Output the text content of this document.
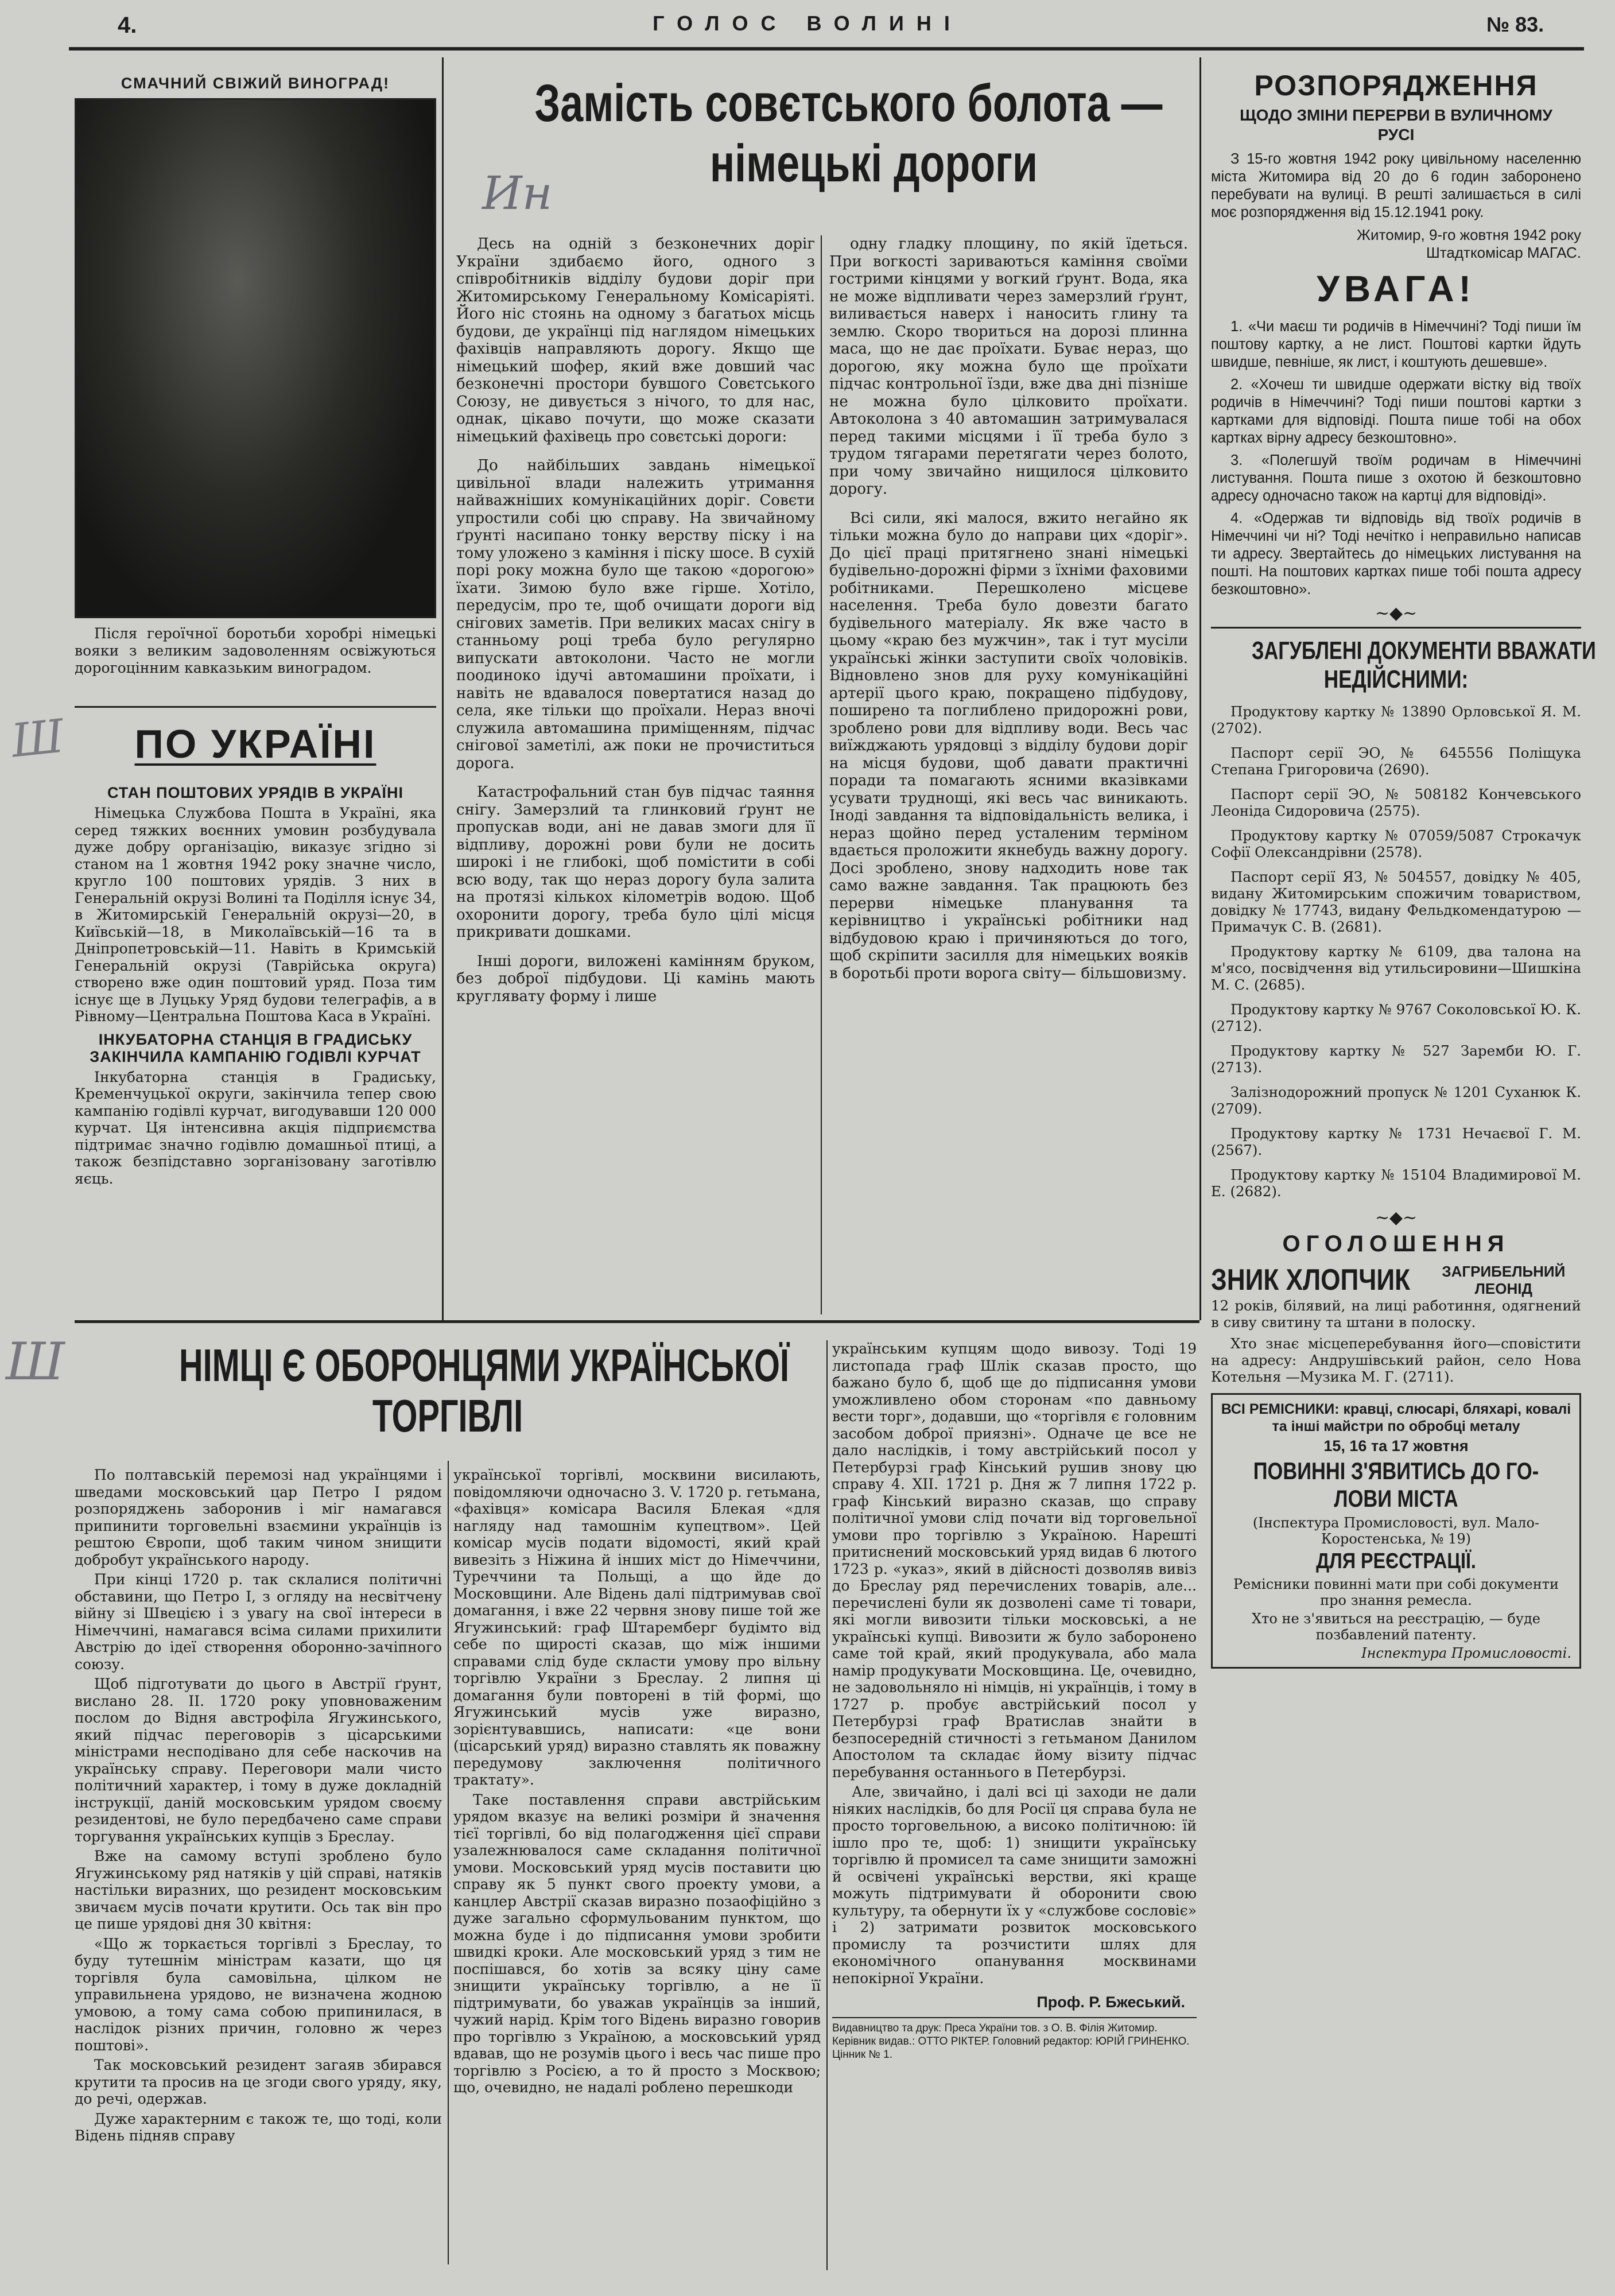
4.	ГОЛОС ВОЛИНІ	№ 83.
Ш
Ш
СМАЧНИЙ СВІЖИЙ ВИНОГРАД!
Після героїчної боротьби хоробрі німецькі вояки з великим задоволенням освіжуються дорогоцінним кавказьким виноградом.
ПО УКРАЇНІ
СТАН ПОШТОВИХ УРЯДІВ В УКРАЇНІ

Німецька Службова Пошта в Україні, яка серед тяжких воєнних умовин розбудувала дуже добру організацію, виказує згідно зі станом на 1 жовтня 1942 року значне число, кругло 100 поштових урядів. З них в Генеральній окрузі Волині та Поділля існує 34, в Житомирській Генеральній окрузі—20, в Київській—18, в Миколаївській—16 та в Дніпропетровській—11. Навіть в Кримській Генеральній окрузі (Таврійська округа) створено вже один поштовий уряд. Поза тим існує ще в Луцьку Уряд будови телеграфів, а в Рівному—Центральна Поштова Каса в Україні.

ІНКУБАТОРНА СТАНЦІЯ В ГРАДИСЬКУ ЗАКІНЧИЛА КАМПАНІЮ ГОДІВЛІ КУРЧАТ

Інкубаторна станція в Градиську, Кременчуцької округи, закінчила тепер свою кампанію годівлі курчат, вигодувавши 120 000 курчат. Ця інтенсивна акція підприємства підтримає значно годівлю домашньої птиці, а також безпідставно зорганізовану заготівлю яєць.

Замість совєтського болота —
німецькі дороги
Ин

Десь на одній з безконечних доріг України здибаємо його, одного з співробітників відділу будови доріг при Житомирському Генеральному Комісаріяті. Його ніс стоянь на одному з багатьох місць будови, де українці під наглядом німецьких фахівців направляють дорогу. Якщо ще німецький шофер, який вже довший час безконечні простори бувшого Совєтського Союзу, не дивується з нічого, то для нас, однак, цікаво почути, що може сказати німецький фахівець про совєтські дороги:

До найбільших завдань німецької цивільної влади належить утримання найважніших комунікаційних доріг. Совєти упростили собі цю справу. На звичайному ґрунті насипано тонку верству піску і на тому уложено з каміння і піску шосе. В сухій порі року можна було ще такою «дорогою» їхати. Зимою було вже гірше. Хотіло, передусім, про те, щоб очищати дороги від снігових заметів. При великих масах снігу в станньому році треба було регулярно випускати автоколони. Часто не могли поодиноко ідучі автомашини проїхати, і навіть не вдавалося повертатися назад до села, яке тільки що проїхали. Нераз вночі служила автомашина приміщенням, підчас снігової заметілі, аж поки не прочиститься дорога.

Катастрофальний стан був підчас таяння снігу. Замерзлий та глинковий ґрунт не пропускав води, ані не давав змоги для її відпливу, дорожні рови були не досить широкі і не глибокі, щоб помістити в собі всю воду, так що нераз дорогу була залита на протязі кількох кілометрів водою. Щоб охоронити дорогу, треба було цілі місця прикривати дошками.

Інші дороги, виложені камінням бруком, без доброї підбудови. Ці камінь мають круглявату форму і лише

одну гладку площину, по якій їдеться. При вогкості зариваються каміння своїми гострими кінцями у вогкий ґрунт. Вода, яка не може відпливати через замерзлий ґрунт, виливається наверх і наносить глину та землю. Скоро твориться на дорозі плинна маса, що не дає проїхати. Буває нераз, що дорогою, яку можна було ще проїхати підчас контрольної їзди, вже два дні пізніше не можна було цілковито проїхати. Автоколона з 40 автомашин затримувалася перед такими місцями і її треба було з трудом тягарами перетягати через болото, при чому звичайно нищилося цілковито дорогу.

Всі сили, які малося, вжито негайно як тільки можна було до направи цих «доріг». До цієї праці притягнено знані німецькі будівельно-дорожні фірми з їхніми фаховими робітниками. Перешколено місцеве населення. Треба було довезти багато будівельного матеріалу. Як вже часто в цьому «краю без мужчин», так і тут мусіли українські жінки заступити своїх чоловіків. Відновлено знов для руху комунікаційні артерії цього краю, покращено підбудову, поширено та поглиблено придорожні рови, зроблено рови для відпливу води. Весь час виїжджають урядовці з відділу будови доріг на місця будови, щоб давати практичні поради та помагають ясними вказівками усувати труднощі, які весь час виникають. Іноді завдання та відповідальність велика, і нераз щойно перед усталеним терміном вдається проложити якнебудь важну дорогу. Досі зроблено, знову надходить нове так само важне завдання. Так працюють без перерви німецьке планування та керівництво і українські робітники над відбудовою краю і причиняються до того, щоб скріпити засилля для німецьких вояків в боротьбі проти ворога світу— більшовизму.

РОЗПОРЯДЖЕННЯ
ЩОДО ЗМІНИ ПЕРЕРВИ В ВУЛИЧНОМУ РУСІ

З 15-го жовтня 1942 року цивільному населенню міста Житомира від 20 до 6 годин заборонено перебувати на вулиці. В решті залишається в силі моє розпорядження від 15.12.1941 року.

Житомир, 9-го жовтня 1942 року
Штадткомісар МАГАС.
УВАГА!

1. «Чи маєш ти родичів в Німеччині? Тоді пиши їм поштову картку, а не лист. Поштові картки йдуть швидше, певніше, як лист, і коштують дешевше».

2. «Хочеш ти швидше одержати вістку від твоїх родичів в Німеччині? Тоді пиши поштові картки з картками для відповіді. Пошта пише тобі на обох картках вірну адресу безкоштовно».

3. «Полегшуй твоїм родичам в Німеччині листування. Пошта пише з охотою й безкоштовно адресу одночасно також на картці для відповіді».

4. «Одержав ти відповідь від твоїх родичів в Німеччині чи ні? Тоді нечітко і неправильно написав ти адресу. Звертайтесь до німецьких листування на пошті. На поштових картках пише тобі пошта адресу безкоштовно».

~◆~
ЗАГУБЛЕНІ ДОКУМЕНТИ ВВАЖАТИ
НЕДІЙСНИМИ:

Продуктову картку № 13890 Орловської Я. М. (2702).

Паспорт серії ЭО, № 645556 Поліщука Степана Григоровича (2690).

Паспорт серії ЭО, № 508182 Кончевського Леоніда Сидоровича (2575).

Продуктову картку № 07059/5087 Строкачук Софії Олександрівни (2578).

Паспорт серії ЯЗ, № 504557, довідку № 405, видану Житомирським спожичим товариством, довідку № 17743, видану Фельдкомендатурою —Примачук С. В. (2681).

Продуктову картку № 6109, два талона на м'ясо, посвідчення від утильсировини—Шишкіна М. С. (2685).

Продуктову картку № 9767 Соколовської Ю. К. (2712).

Продуктову картку № 527 Заремби Ю. Г. (2713).

Залізнодорожний пропуск № 1201 Суханюк К. (2709).

Продуктову картку № 1731 Нечаєвої Г. М. (2567).

Продуктову картку № 15104 Владимирової М. Е. (2682).

~◆~
ОГОЛОШЕННЯ
ЗНИК ХЛОПЧИК ЗАГРИБЕЛЬНИЙ
ЛЕОНІД

12 років, білявий, на лиці работиння, одягнений в сиву свитину та штани в полоску.

Хто знає місцеперебування його—сповістити на адресу: Андрушівський район, село Нова Котельня —Музика М. Г. (2711).

ВСІ РЕМІСНИКИ: кравці, слюсарі, бляхарі, ковалі та інші майстри по обробці металу
15, 16 та 17 жовтня
ПОВИННІ З'ЯВИТИСЬ ДО ГО-
ЛОВИ МІСТА
(Інспектура Промисловості, вул. Мало-Коростенська, № 19)
ДЛЯ РЕЄСТРАЦІЇ.
Ремісники повинні мати при собі документи про знання ремесла.
Хто не з'явиться на реєстрацію, — буде позбавлений патенту.
Інспектура Промисловості.
НІМЦІ Є ОБОРОНЦЯМИ УКРАЇНСЬКОЇ
ТОРГІВЛІ

По полтавській перемозі над українцями і шведами московський цар Петро І рядом розпоряджень заборонив і міг намагався припинити торговельні взаємини українців із рештою Європи, щоб таким чином знищити добробут українського народу.

При кінці 1720 р. так склалися політичні обставини, що Петро І, з огляду на несвітчену війну зі Швецією і з увагу на свої інтереси в Німеччині, намагався всіма силами прихилити Австрію до ідеї створення оборонно-зачіпного союзу.

Щоб підготувати до цього в Австрії ґрунт, вислано 28. ІІ. 1720 року уповноваженим послом до Відня австрофіла Ягужинського, який підчас переговорів з цісарськими міністрами несподівано для себе наскочив на українську справу. Переговори мали чисто політичний характер, і тому в дуже докладній інструкції, даній московським урядом своєму резидентові, не було передбачено саме справи торгування українських купців з Бреслау.

Вже на самому вступі зроблено було Ягужинському ряд натяків у цій справі, натяків настільки виразних, що резидент московським звичаєм мусів почати крутити. Ось так він про це пише урядові дня 30 квітня:

«Що ж торкається торгівлі з Бреслау, то буду тутешнім міністрам казати, що ця торгівля була самовільна, цілком не управильнена урядово, не визначена жодною умовою, а тому сама собою припинилася, в наслідок різних причин, головно ж через поштові».

Так московський резидент загаяв збирався крутити та просив на це згоди свого уряду, яку, до речі, одержав.

Дуже характерним є також те, що тоді, коли Відень підняв справу

української торгівлі, москвини висилають, повідомляючи одночасно 3. V. 1720 р. гетьмана, «фахівця» комісара Василя Блекая «для нагляду над тамошнім купецтвом». Цей комісар мусів подати відомості, який край вивезіть з Ніжина й інших міст до Німеччини, Туреччини та Польщі, а що йде до Московщини. Але Відень далі підтримував свої домагання, і вже 22 червня знову пише той же Ягужинський: граф Штаремберг будімто від себе по щирості сказав, що між іншими справами слід буде скласти умову про вільну торгівлю України з Бреслау. 2 липня ці домагання були повторені в тій формі, що Ягужинський мусів уже виразно, зорієнтувавшись, написати: «це вони (цісарський уряд) виразно ставлять як поважну передумову заключення політичного трактату».

Таке поставлення справи австрійським урядом вказує на великі розміри й значення тієї торгівлі, бо від полагодження цієї справи узалежнювалося саме складання політичної умови. Московський уряд мусів поставити цю справу як 5 пункт свого проекту умови, а канцлер Австрії сказав виразно позаофіційно з дуже загально сформульованим пунктом, що можна буде і до підписання умови зробити швидкі кроки. Але московський уряд з тим не поспішався, бо хотів за всяку ціну саме знищити українську торгівлю, а не її підтримувати, бо уважав українців за інший, чужий нарід. Крім того Відень виразно говорив про торгівлю з Україною, а московський уряд вдавав, що не розумів цього і весь час пише про торгівлю з Росією, а то й просто з Москвою; що, очевидно, не надалі роблено перешкоди

українським купцям щодо вивозу. Тоді 19 листопада граф Шлік сказав просто, що бажано було б, щоб ще до підписання умови уможливлено обом сторонам «по давньому вести торг», додавши, що «торгівля є головним засобом доброї приязні». Одначе це все не дало наслідків, і тому австрійський посол у Петербурзі граф Кінський рушив знову цю справу 4. XII. 1721 р. Дня ж 7 липня 1722 р. граф Кінський виразно сказав, що справу політичної умови слід почати від торговельної умови про торгівлю з Україною. Нарешті притиснений московський уряд видав 6 лютого 1723 р. «указ», який в дійсності дозволяв вивіз до Бреслау ряд перечислених товарів, але... перечислені були як дозволені саме ті товари, які могли вивозити тільки московські, а не українські купці. Вивозити ж було заборонено саме той край, який продукувала, або мала намір продукувати Московщина. Це, очевидно, не задовольняло ні німців, ні українців, і тому в 1727 р. пробує австрійський посол у Петербурзі граф Вратислав знайти в безпосередній стичності з гетьманом Данилом Апостолом та складає йому візиту підчас перебування останнього в Петербурзі.

Але, звичайно, і далі всі ці заходи не дали ніяких наслідків, бо для Росії ця справа була не просто торговельною, а високо політичною: їй ішло про те, щоб: 1) знищити українську торгівлю й промисел та саме знищити заможні й освічені українські верстви, які краще можуть підтримувати й оборонити свою культуру, та обернути їх у «службове сословіє» і 2) затримати розвиток московського промислу та розчистити шлях для економічного опанування москвинами непокірної України.

Проф. Р. Бжеський.
Видавництво та друк: Преса України тов. з О. В. Філія Житомир. Керівник видав.: ОТТО РІКТЕР. Головний редактор: ЮРІЙ ГРИНЕНКО. Цінник № 1.
